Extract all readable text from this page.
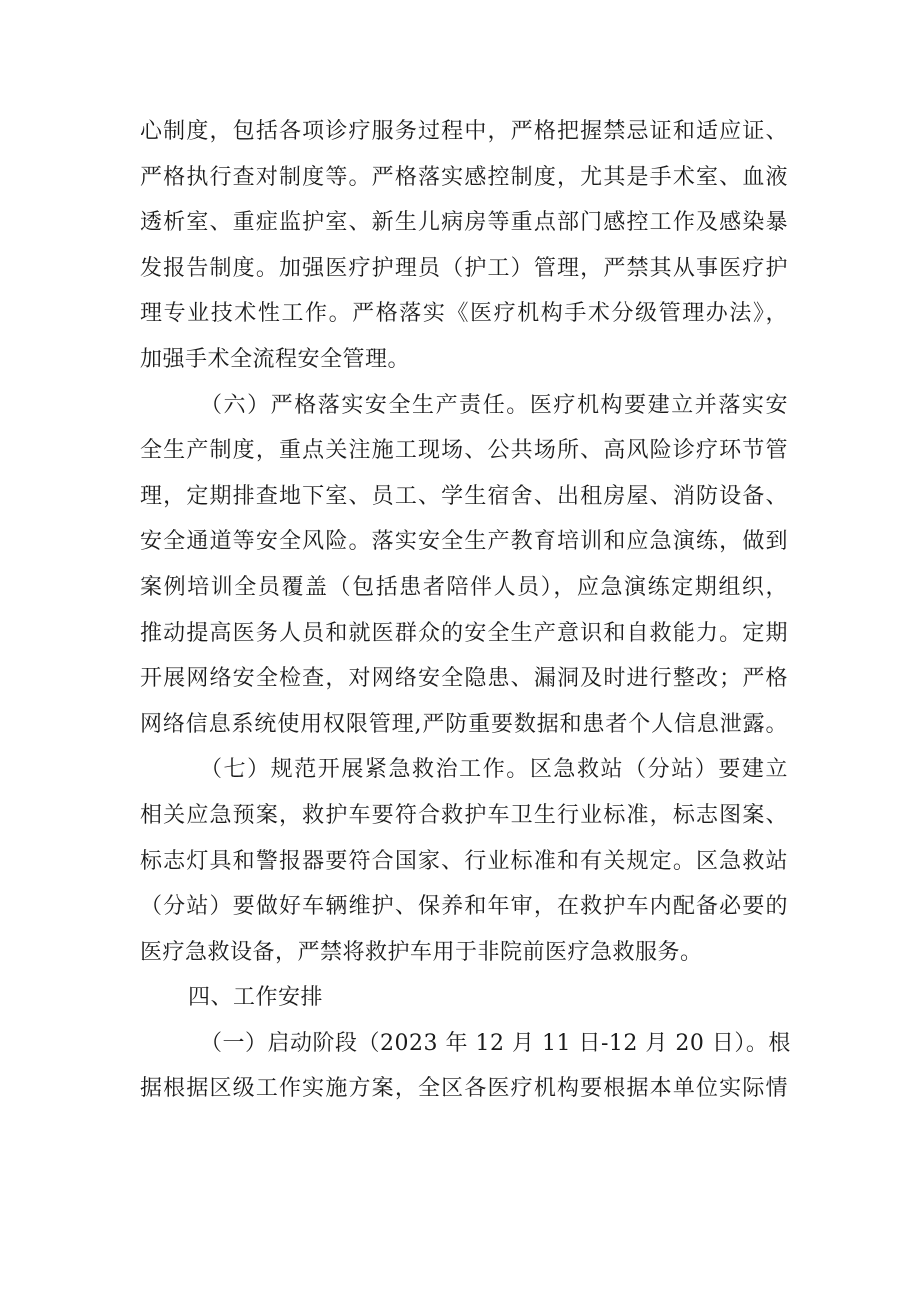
心制度，包括各项诊疗服务过程中，严格把握禁忌证和适应证、
严格执行查对制度等。严格落实感控制度，尤其是手术室、血液
透析室、重症监护室、新生儿病房等重点部门感控工作及感染暴
发报告制度。加强医疗护理员（护工）管理，严禁其从事医疗护
理专业技术性工作。严格落实《医疗机构手术分级管理办法》，
加强手术全流程安全管理。
（六）严格落实安全生产责任。医疗机构要建立并落实安
全生产制度，重点关注施工现场、公共场所、高风险诊疗环节管
理，定期排查地下室、员工、学生宿舍、出租房屋、消防设备、
安全通道等安全风险。落实安全生产教育培训和应急演练，做到
案例培训全员覆盖（包括患者陪伴人员），应急演练定期组织，
推动提高医务人员和就医群众的安全生产意识和自救能力。定期
开展网络安全检查，对网络安全隐患、漏洞及时进行整改；严格
网络信息系统使用权限管理,严防重要数据和患者个人信息泄露。
（七）规范开展紧急救治工作。区急救站（分站）要建立
相关应急预案，救护车要符合救护车卫生行业标准，标志图案、
标志灯具和警报器要符合国家、行业标准和有关规定。区急救站
（分站）要做好车辆维护、保养和年审，在救护车内配备必要的
医疗急救设备，严禁将救护车用于非院前医疗急救服务。
四、工作安排
（一）启动阶段（2023 年 12 月 11 日-12 月 20 日）。根
据根据区级工作实施方案，全区各医疗机构要根据本单位实际情
